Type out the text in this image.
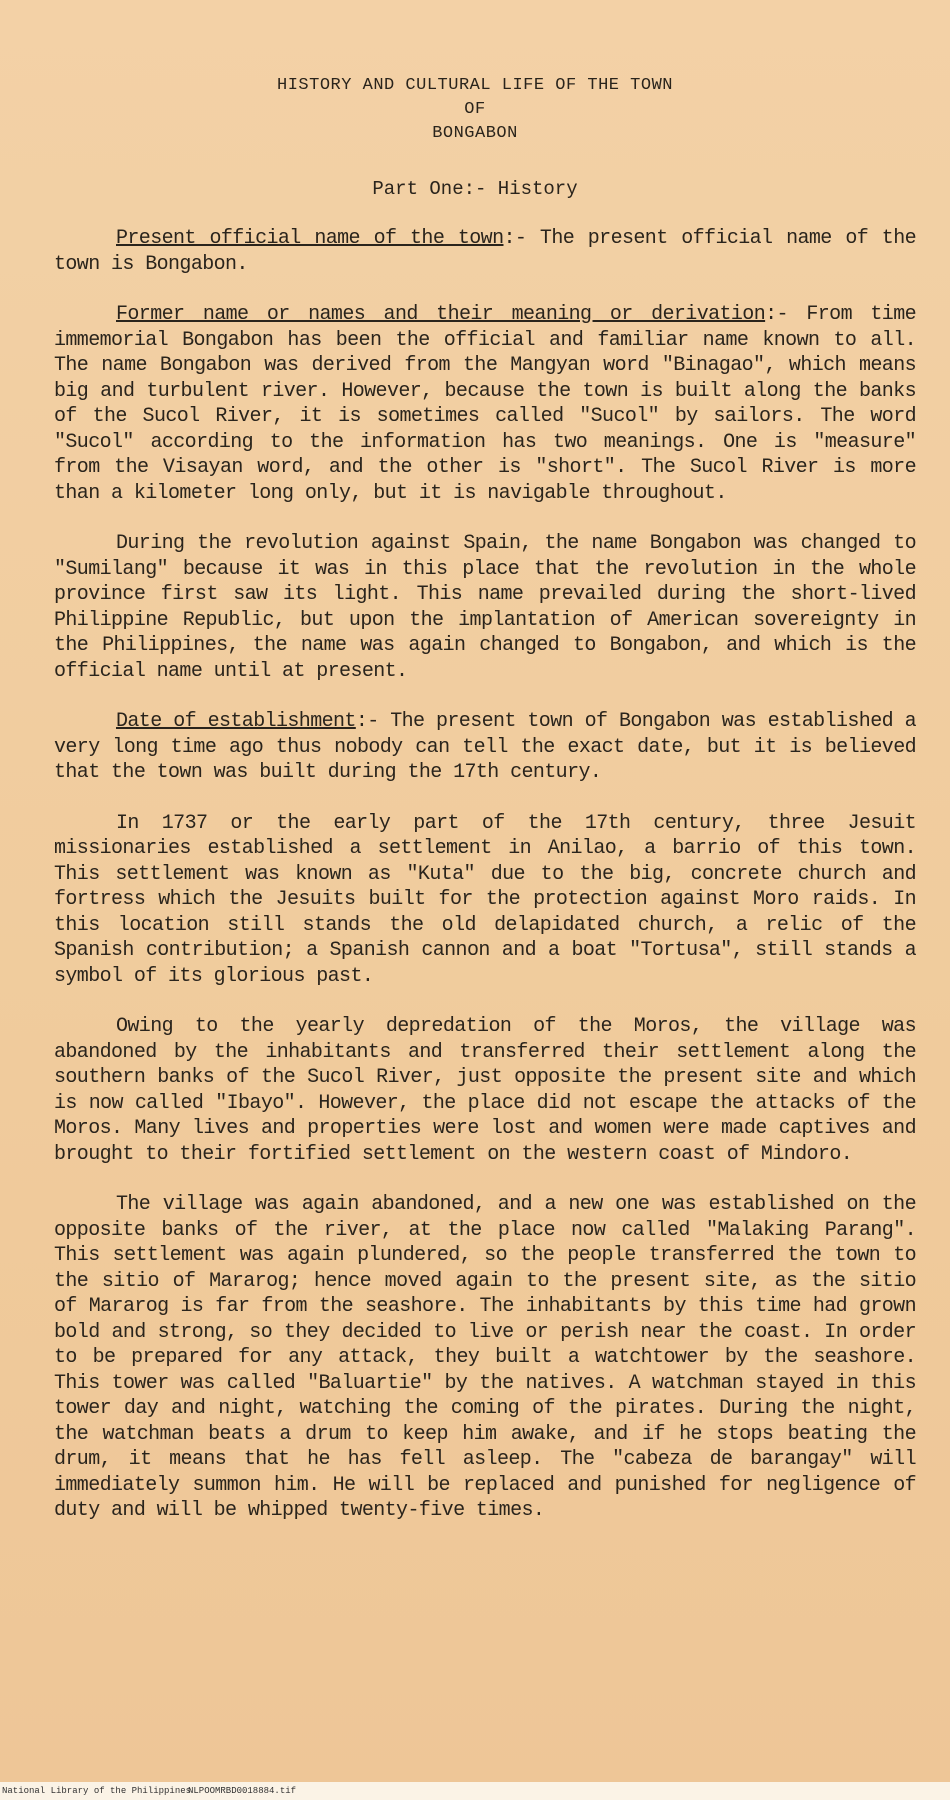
HISTORY AND CULTURAL LIFE OF THE TOWN
OF
BONGABON
Part One:- History

Present official name of the town:- The present official name of the town is Bongabon.

Former name or names and their meaning or derivation:- From time immemorial Bongabon has been the official and familiar name known to all. The name Bongabon was derived from the Mangyan word "Binagao", which means big and turbulent river. However, because the town is built along the banks of the Sucol River, it is sometimes called "Sucol" by sailors. The word "Sucol" according to the information has two meanings. One is "measure" from the Visayan word, and the other is "short". The Sucol River is more than a kilometer long only, but it is navigable throughout.

During the revolution against Spain, the name Bongabon was changed to "Sumilang" because it was in this place that the revolution in the whole province first saw its light. This name prevailed during the short-lived Philippine Republic, but upon the implantation of American sovereignty in the Philippines, the name was again changed to Bongabon, and which is the official name until at present.

Date of establishment:- The present town of Bongabon was established a very long time ago thus nobody can tell the exact date, but it is believed that the town was built during the 17th century.

In 1737 or the early part of the 17th century, three Jesuit missionaries established a settlement in Anilao, a barrio of this town. This settlement was known as "Kuta" due to the big, concrete church and fortress which the Jesuits built for the protection against Moro raids. In this location still stands the old delapidated church, a relic of the Spanish contribution; a Spanish cannon and a boat "Tortusa", still stands a symbol of its glorious past.

Owing to the yearly depredation of the Moros, the village was abandoned by the inhabitants and transferred their settlement along the southern banks of the Sucol River, just opposite the present site and which is now called "Ibayo". However, the place did not escape the attacks of the Moros. Many lives and properties were lost and women were made captives and brought to their fortified settlement on the western coast of Mindoro.

The village was again abandoned, and a new one was established on the opposite banks of the river, at the place now called "Malaking Parang". This settlement was again plundered, so the people transferred the town to the sitio of Mararog; hence moved again to the present site, as the sitio of Mararog is far from the seashore. The inhabitants by this time had grown bold and strong, so they decided to live or perish near the coast. In order to be prepared for any attack, they built a watchtower by the seashore. This tower was called "Baluartie" by the natives. A watchman stayed in this tower day and night, watching the coming of the pirates. During the night, the watchman beats a drum to keep him awake, and if he stops beating the drum, it means that he has fell asleep. The "cabeza de barangay" will immediately summon him. He will be replaced and punished for negligence of duty and will be whipped twenty-five times.

National Library of the Philippines
NLPOOMRBD0018884.tif
